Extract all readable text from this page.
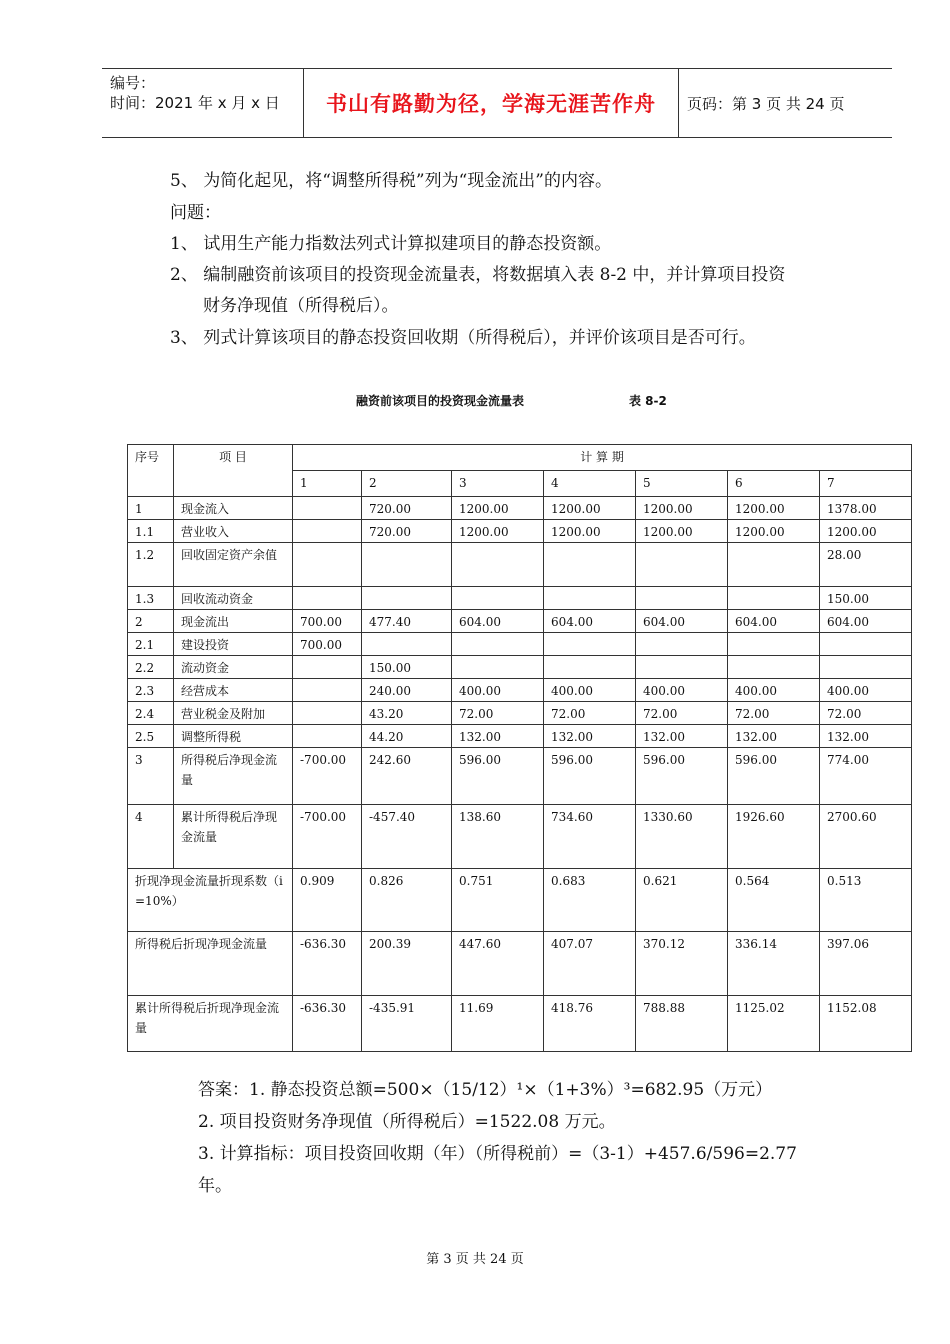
编号：
时间：2021 年 x 月 x 日	书山有路勤为径，学海无涯苦作舟	页码：第 3 页 共 24 页
5、 为简化起见，将“调整所得税”列为“现金流出”的内容。
问题：
1、 试用生产能力指数法列式计算拟建项目的静态投资额。
2、 编制融资前该项目的投资现金流量表，将数据填入表 8-2 中，并计算项目投资
财务净现值（所得税后）。
3、 列式计算该项目的静态投资回收期（所得税后），并评价该项目是否可行。
融资前该项目的投资现金流量表	表 8-2
序号	项 目	计 算 期						
		1	2	3	4	5	6	7
1	现金流入		720.00	1200.00	1200.00	1200.00	1200.00	1378.00
1.1	营业收入		720.00	1200.00	1200.00	1200.00	1200.00	1200.00
1.2	回收固定资产余值							28.00
1.3	回收流动资金							150.00
2	现金流出	700.00	477.40	604.00	604.00	604.00	604.00	604.00
2.1	建设投资	700.00						
2.2	流动资金		150.00					
2.3	经营成本		240.00	400.00	400.00	400.00	400.00	400.00
2.4	营业税金及附加		43.20	72.00	72.00	72.00	72.00	72.00
2.5	调整所得税		44.20	132.00	132.00	132.00	132.00	132.00
3	所得税后净现金流量	-700.00	242.60	596.00	596.00	596.00	596.00	774.00
4	累计所得税后净现金流量	-700.00	-457.40	138.60	734.60	1330.60	1926.60	2700.60
折现净现金流量折现系数（i=10%）		0.909	0.826	0.751	0.683	0.621	0.564	0.513
所得税后折现净现金流量		-636.30	200.39	447.60	407.07	370.12	336.14	397.06
累计所得税后折现净现金流量		-636.30	-435.91	11.69	418.76	788.88	1125.02	1152.08
答案：1. 静态投资总额=500×（15/12）¹×（1+3%）³=682.95（万元）
2. 项目投资财务净现值（所得税后）=1522.08 万元。
3. 计算指标：项目投资回收期（年）（所得税前）=（3-1）+457.6/596=2.77
年。
第 3 页 共 24 页
